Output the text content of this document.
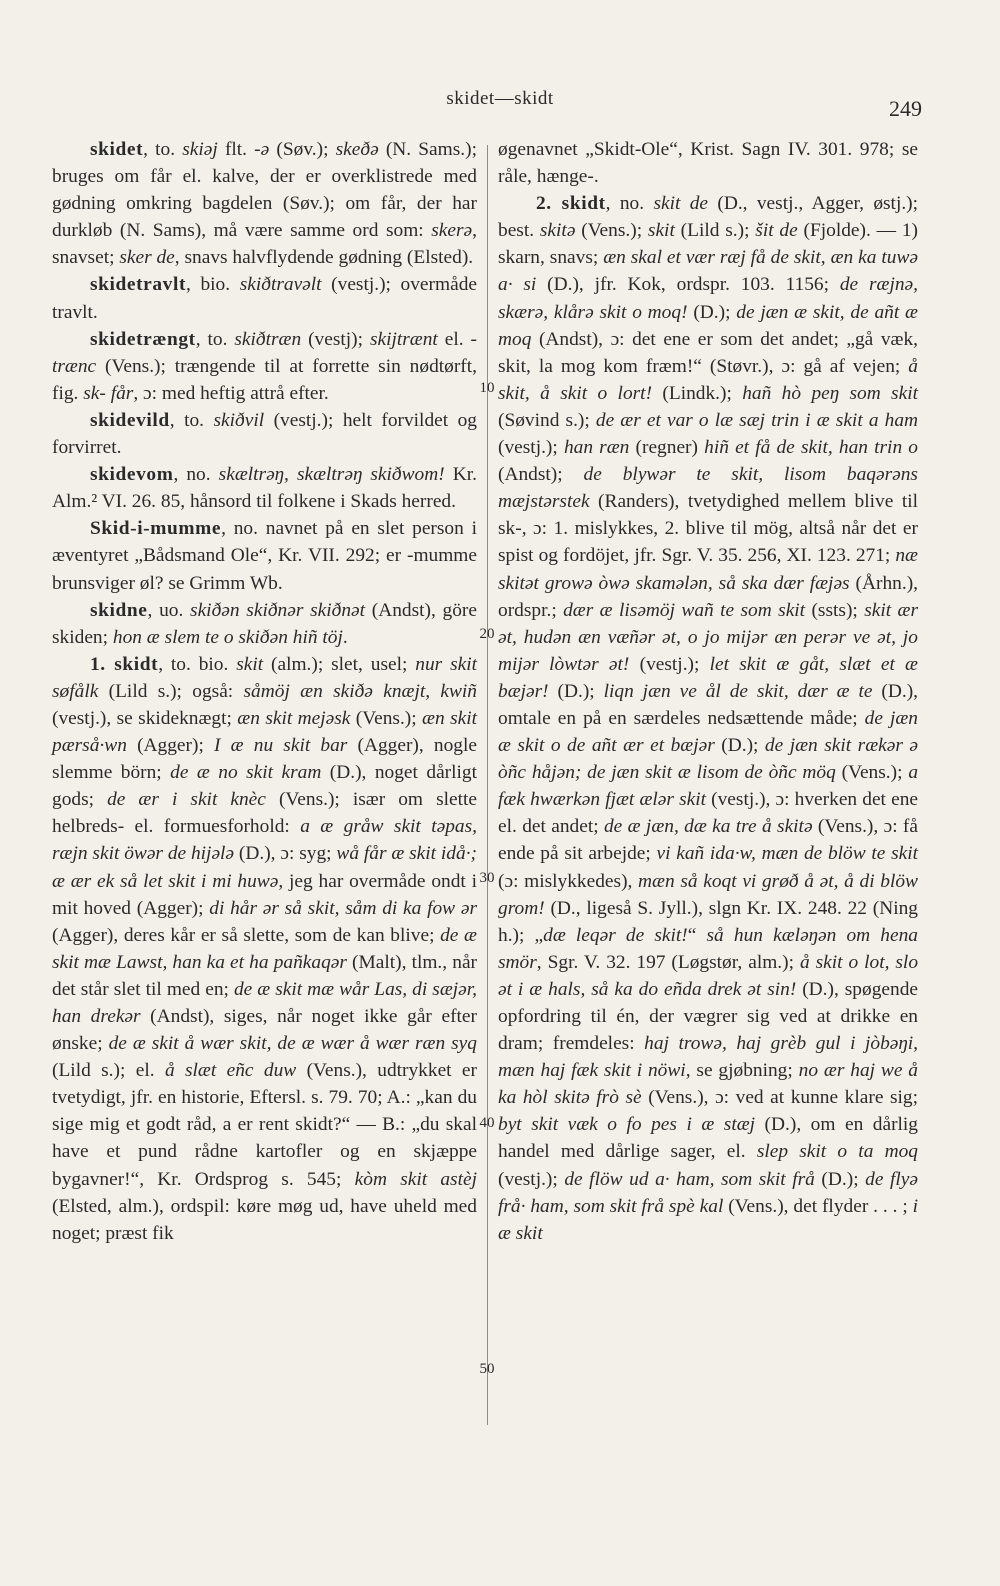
skidet—skidt	249

skidet, to. skiəj flt. -ə (Søv.); skeðə (N. Sams.); bruges om får el. kalve, der er overklistrede med gødning omkring bagdelen (Søv.); om får, der har durkløb (N. Sams), må være samme ord som: skerə, snavset; sker de, snavs halvflydende gødning (Elsted).

skidetravlt, bio. skiðtravəlt (vestj.); overmåde travlt.

skidetrængt, to. skiðtræn (vestj); skijtrænt el. -trænc (Vens.); trængende til at forrette sin nødtørft, fig. sk- får, ɔ: med heftig attrå efter.

skidevild, to. skiðvil (vestj.); helt forvildet og forvirret.

skidevom, no. skæltrəŋ, skæltrəŋ skiðwom! Kr. Alm.² VI. 26. 85, hånsord til folkene i Skads herred.

Skid-i-mumme, no. navnet på en slet person i æventyret „Bådsmand Ole“, Kr. VII. 292; er -mumme brunsviger øl? se Grimm Wb.

skidne, uo. skiðən skiðnər skiðnət (Andst), göre skiden; hon æ slem te o skiðən hiñ töj.

1. skidt, to. bio. skit (alm.); slet, usel; nur skit søfålk (Lild s.); også: såmöj æn skiðə knæjt, kwiñ (vestj.), se skideknægt; æn skit mejəsk (Vens.); æn skit pærså·wn (Agger); I æ nu skit bar (Agger), nogle slemme börn; de æ no skit kram (D.), noget dårligt gods; de ær i skit knèc (Vens.); især om slette helbreds- el. formuesforhold: a æ gråw skit təpas, ræjn skit öwər de hijələ (D.), ɔ: syg; wå får æ skit idå·; æ ær ek så let skit i mi huwə, jeg har overmåde ondt i mit hoved (Agger); di hår ər så skit, såm di ka fow ər (Agger), deres kår er så slette, som de kan blive; de æ skit mæ Lawst, han ka et ha pañkaqər (Malt), tlm., når det står slet til med en; de æ skit mæ wår Las, di sæjər, han drekər (Andst), siges, når noget ikke går efter ønske; de æ skit å wær skit, de æ wær å wær ræn syq (Lild s.); el. å slæt eñc duw (Vens.), udtrykket er tvetydigt, jfr. en historie, Eftersl. s. 79. 70; A.: „kan du sige mig et godt råd, a er rent skidt?“ — B.: „du skal have et pund rådne kartofler og en skjæppe bygavner!“, Kr. Ordsprog s. 545; kòm skit astèj (Elsted, alm.), ordspil: køre møg ud, have uheld med noget; præst fik

øgenavnet „Skidt-Ole“, Krist. Sagn IV. 301. 978; se råle, hænge-.

2. skidt, no. skit de (D., vestj., Agger, østj.); best. skitə (Vens.); skit (Lild s.); šit de (Fjolde). — 1) skarn, snavs; æn skal et vær ræj få de skit, æn ka tuwə a· si (D.), jfr. Kok, ordspr. 103. 1156; de ræjnə, skærə, klårə skit o moq! (D.); de jæn æ skit, de añt æ moq (Andst), ɔ: det ene er som det andet; „gå væk, skit, la mog kom fræm!“ (Støvr.), ɔ: gå af vejen; å skit, å skit o lort! (Lindk.); hañ hò peŋ som skit (Søvind s.); de ær et var o læ sæj trin i æ skit a ham (vestj.); han ræn (regner) hiñ et få de skit, han trin o (Andst); de blywər te skit, lisom baqərəns mæjstərstek (Randers), tvetydighed mellem blive til sk-, ɔ: 1. mislykkes, 2. blive til mög, altså når det er spist og fordöjet, jfr. Sgr. V. 35. 256, XI. 123. 271; næ skitət growə òwə skamələn, så ska dær fæjəs (Århn.), ordspr.; dær æ lisəmöj wañ te som skit (ssts); skit ær ət, hudən æn væñər ət, o jo mijər æn perər ve ət, jo mijər lòwtər ət! (vestj.); let skit æ gåt, slæt et æ bæjər! (D.); liqn jæn ve ål de skit, dær æ te (D.), omtale en på en særdeles nedsættende måde; de jæn æ skit o de añt ær et bæjər (D.); de jæn skit rækər ə òñc håjən; de jæn skit æ lisom de òñc möq (Vens.); a fæk hwærkən fjæt ælər skit (vestj.), ɔ: hverken det ene el. det andet; de æ jæn, dæ ka tre å skitə (Vens.), ɔ: få ende på sit arbejde; vi kañ ida·w, mæn de blöw te skit (ɔ: mislykkedes), mæn så koqt vi grøð å ət, å di blöw grom! (D., ligeså S. Jyll.), slgn Kr. IX. 248. 22 (Ning h.); „dæ leqər de skit!“ så hun kæləŋən om hena smör, Sgr. V. 32. 197 (Løgstør, alm.); å skit o lot, slo ət i æ hals, så ka do eñda drek ət sin! (D.), spøgende opfordring til én, der vægrer sig ved at drikke en dram; fremdeles: haj trowə, haj grèb gul i jòbəŋi, mæn haj fæk skit i nöwi, se gjøbning; no ær haj we å ka hòl skitə frò sè (Vens.), ɔ: ved at kunne klare sig; byt skit væk o fo pes i æ stæj (D.), om en dårlig handel med dårlige sager, el. slep skit o ta moq (vestj.); de flöw ud a· ham, som skit frå (D.); de flyə frå· ham, som skit frå spè kal (Vens.), det flyder . . . ; i æ skit

10
20
30
40
50
